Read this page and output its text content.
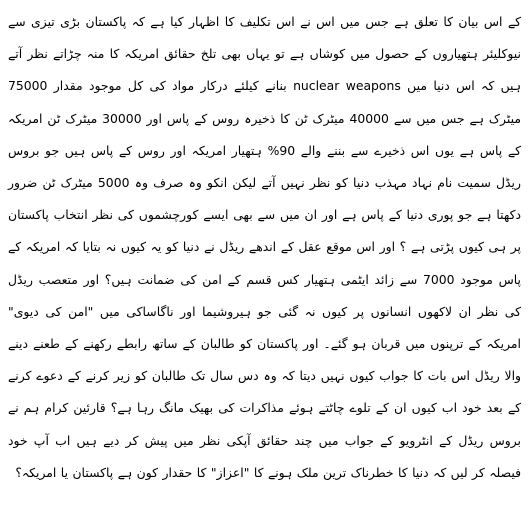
کے اس بیان کا تعلق ہے جس میں اس نے اس تکلیف کا اظہار کیا ہے کہ پاکستان بڑی تیزی سے نیوکلیئر ہتھیاروں کے حصول میں کوشاں ہے تو یہاں بھی تلخ حقائق امریکہ کا منہ چڑاتے نظر آتے ہیں کہ اس دنیا میں nuclear weapons بنانے کیلئے درکار مواد کی کل موجود مقدار 75000 میٹرک ہے جس میں سے 40000 میٹرک ٹن کا ذخیرہ روس کے پاس اور 30000 میٹرک ٹن امریکہ کے پاس ہے یوں اس ذخیرے سے بننے والے 90% ہتھیار امریکہ اور روس کے پاس ہیں جو بروس ریڈل سمیت نام نہاد مہذب دنیا کو نظر نہیں آتے لیکن انکو وہ صرف وہ 5000 میٹرک ٹن ضرور دکھتا ہے جو پوری دنیا کے پاس ہے اور ان میں سے بھی ایسے کورچشموں کی نظر انتخاب پاکستان پر ہی کیوں پڑتی ہے ؟ اور اس موقع عقل کے اندھے ریڈل نے دنیا کو یہ کیوں نہ بتایا کہ امریکہ کے پاس موجود 7000 سے زائد ایٹمی ہتھیار کس قسم کے امن کی ضمانت ہیں؟ اور متعصب ریڈل کی نظر ان لاکھوں انسانوں پر کیوں نہ گئی جو ہیروشیما اور ناگاساکی میں "امن کی دیوی" امریکہ کے ترپنوں میں قربان ہو گئے۔ اور پاکستان کو طالبان کے ساتھ رابطے رکھنے کے طعنے دینے والا ریڈل اس بات کا جواب کیوں نہیں دیتا کہ وہ دس سال تک طالبان کو زیر کرنے کے دعوے کرنے کے بعد خود اب کیوں ان کے تلوے چاٹتے ہوئے مذاکرات کی بھیک مانگ رہا ہے؟ قارئین کرام ہم نے بروس ریڈل کے انٹرویو کے جواب میں چند حقائق آپکی نظر میں پیش کر دیے ہیں اب آپ خود فیصلہ کر لیں کہ دنیا کا خطرناک ترین ملک ہونے کا "اعزاز" کا حقدار کون ہے پاکستان یا امریکہ؟
